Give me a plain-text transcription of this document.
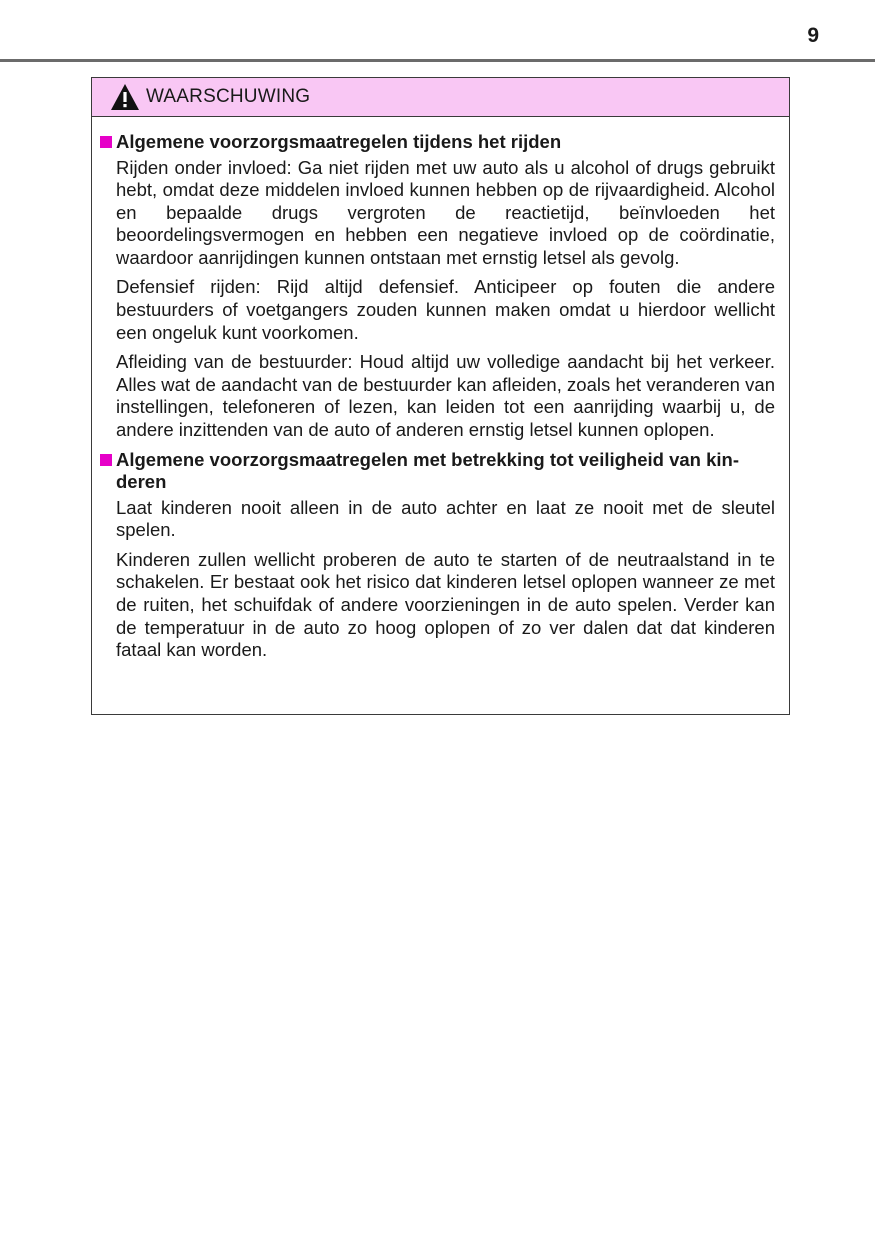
9
WAARSCHUWING
Algemene voorzorgsmaatregelen tijdens het rijden

Rijden onder invloed: Ga niet rijden met uw auto als u alcohol of drugs gebruikt hebt, omdat deze middelen invloed kunnen hebben op de rijvaardigheid. Alcohol en bepaalde drugs vergroten de reactietijd, beïnvloeden het beoordelingsvermogen en hebben een negatieve invloed op de coördinatie, waardoor aanrijdingen kunnen ontstaan met ernstig letsel als gevolg.

Defensief rijden: Rijd altijd defensief. Anticipeer op fouten die andere bestuurders of voetgangers zouden kunnen maken omdat u hierdoor wellicht een ongeluk kunt voorkomen.

Afleiding van de bestuurder: Houd altijd uw volledige aandacht bij het verkeer. Alles wat de aandacht van de bestuurder kan afleiden, zoals het veranderen van instellingen, telefoneren of lezen, kan leiden tot een aanrijding waarbij u, de andere inzittenden van de auto of anderen ernstig letsel kunnen oplopen.

Algemene voorzorgsmaatregelen met betrekking tot veiligheid van kinderen

Laat kinderen nooit alleen in de auto achter en laat ze nooit met de sleutel spelen.

Kinderen zullen wellicht proberen de auto te starten of de neutraalstand in te schakelen. Er bestaat ook het risico dat kinderen letsel oplopen wanneer ze met de ruiten, het schuifdak of andere voorzieningen in de auto spelen. Verder kan de temperatuur in de auto zo hoog oplopen of zo ver dalen dat dat kinderen fataal kan worden.
